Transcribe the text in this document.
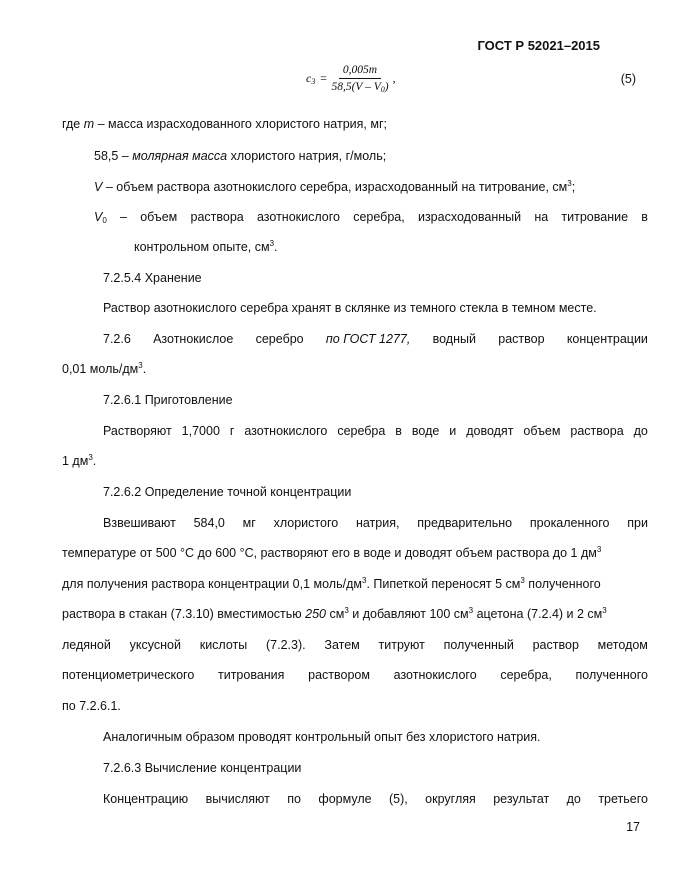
ГОСТ Р 52021–2015
$c_3 = \frac{0,005m}{58,5(V - V_0)}$ ,	(5)
где m – масса израсходованного хлористого натрия, мг;
58,5 – молярная масса хлористого натрия, г/моль;
V – объем раствора азотнокислого серебра, израсходованный на титрование, $см^3$;
$V_0$ – объем раствора азотнокислого серебра, израсходованный на титрование в
контрольном опыте, $см^3$.
7.2.5.4 Хранение
Раствор азотнокислого серебра хранят в склянке из темного стекла в темном месте.
7.2.6 Азотнокислое серебро по ГОСТ 1277, водный раствор концентрации
0,01 моль/$дм^3$.
7.2.6.1 Приготовление
Растворяют 1,7000 г азотнокислого серебра в воде и доводят объем раствора до
1 $дм^3$.
7.2.6.2 Определение точной концентрации
Взвешивают 584,0 мг хлористого натрия, предварительно прокаленного при
температуре от 500 °С до 600 °С, растворяют его в воде и доводят объем раствора до 1 $дм^3$
для получения раствора концентрации 0,1 моль/$дм^3$. Пипеткой переносят 5 $см^3$ полученного
раствора в стакан (7.3.10) вместимостью 250 $см^3$ и добавляют 100 $см^3$ ацетона (7.2.4) и 2 $см^3$
ледяной уксусной кислоты (7.2.3). Затем титруют полученный раствор методом
потенциометрического титрования раствором азотнокислого серебра, полученного
по 7.2.6.1.
Аналогичным образом проводят контрольный опыт без хлористого натрия.
7.2.6.3 Вычисление концентрации
Концентрацию вычисляют по формуле (5), округляя результат до третьего
17
